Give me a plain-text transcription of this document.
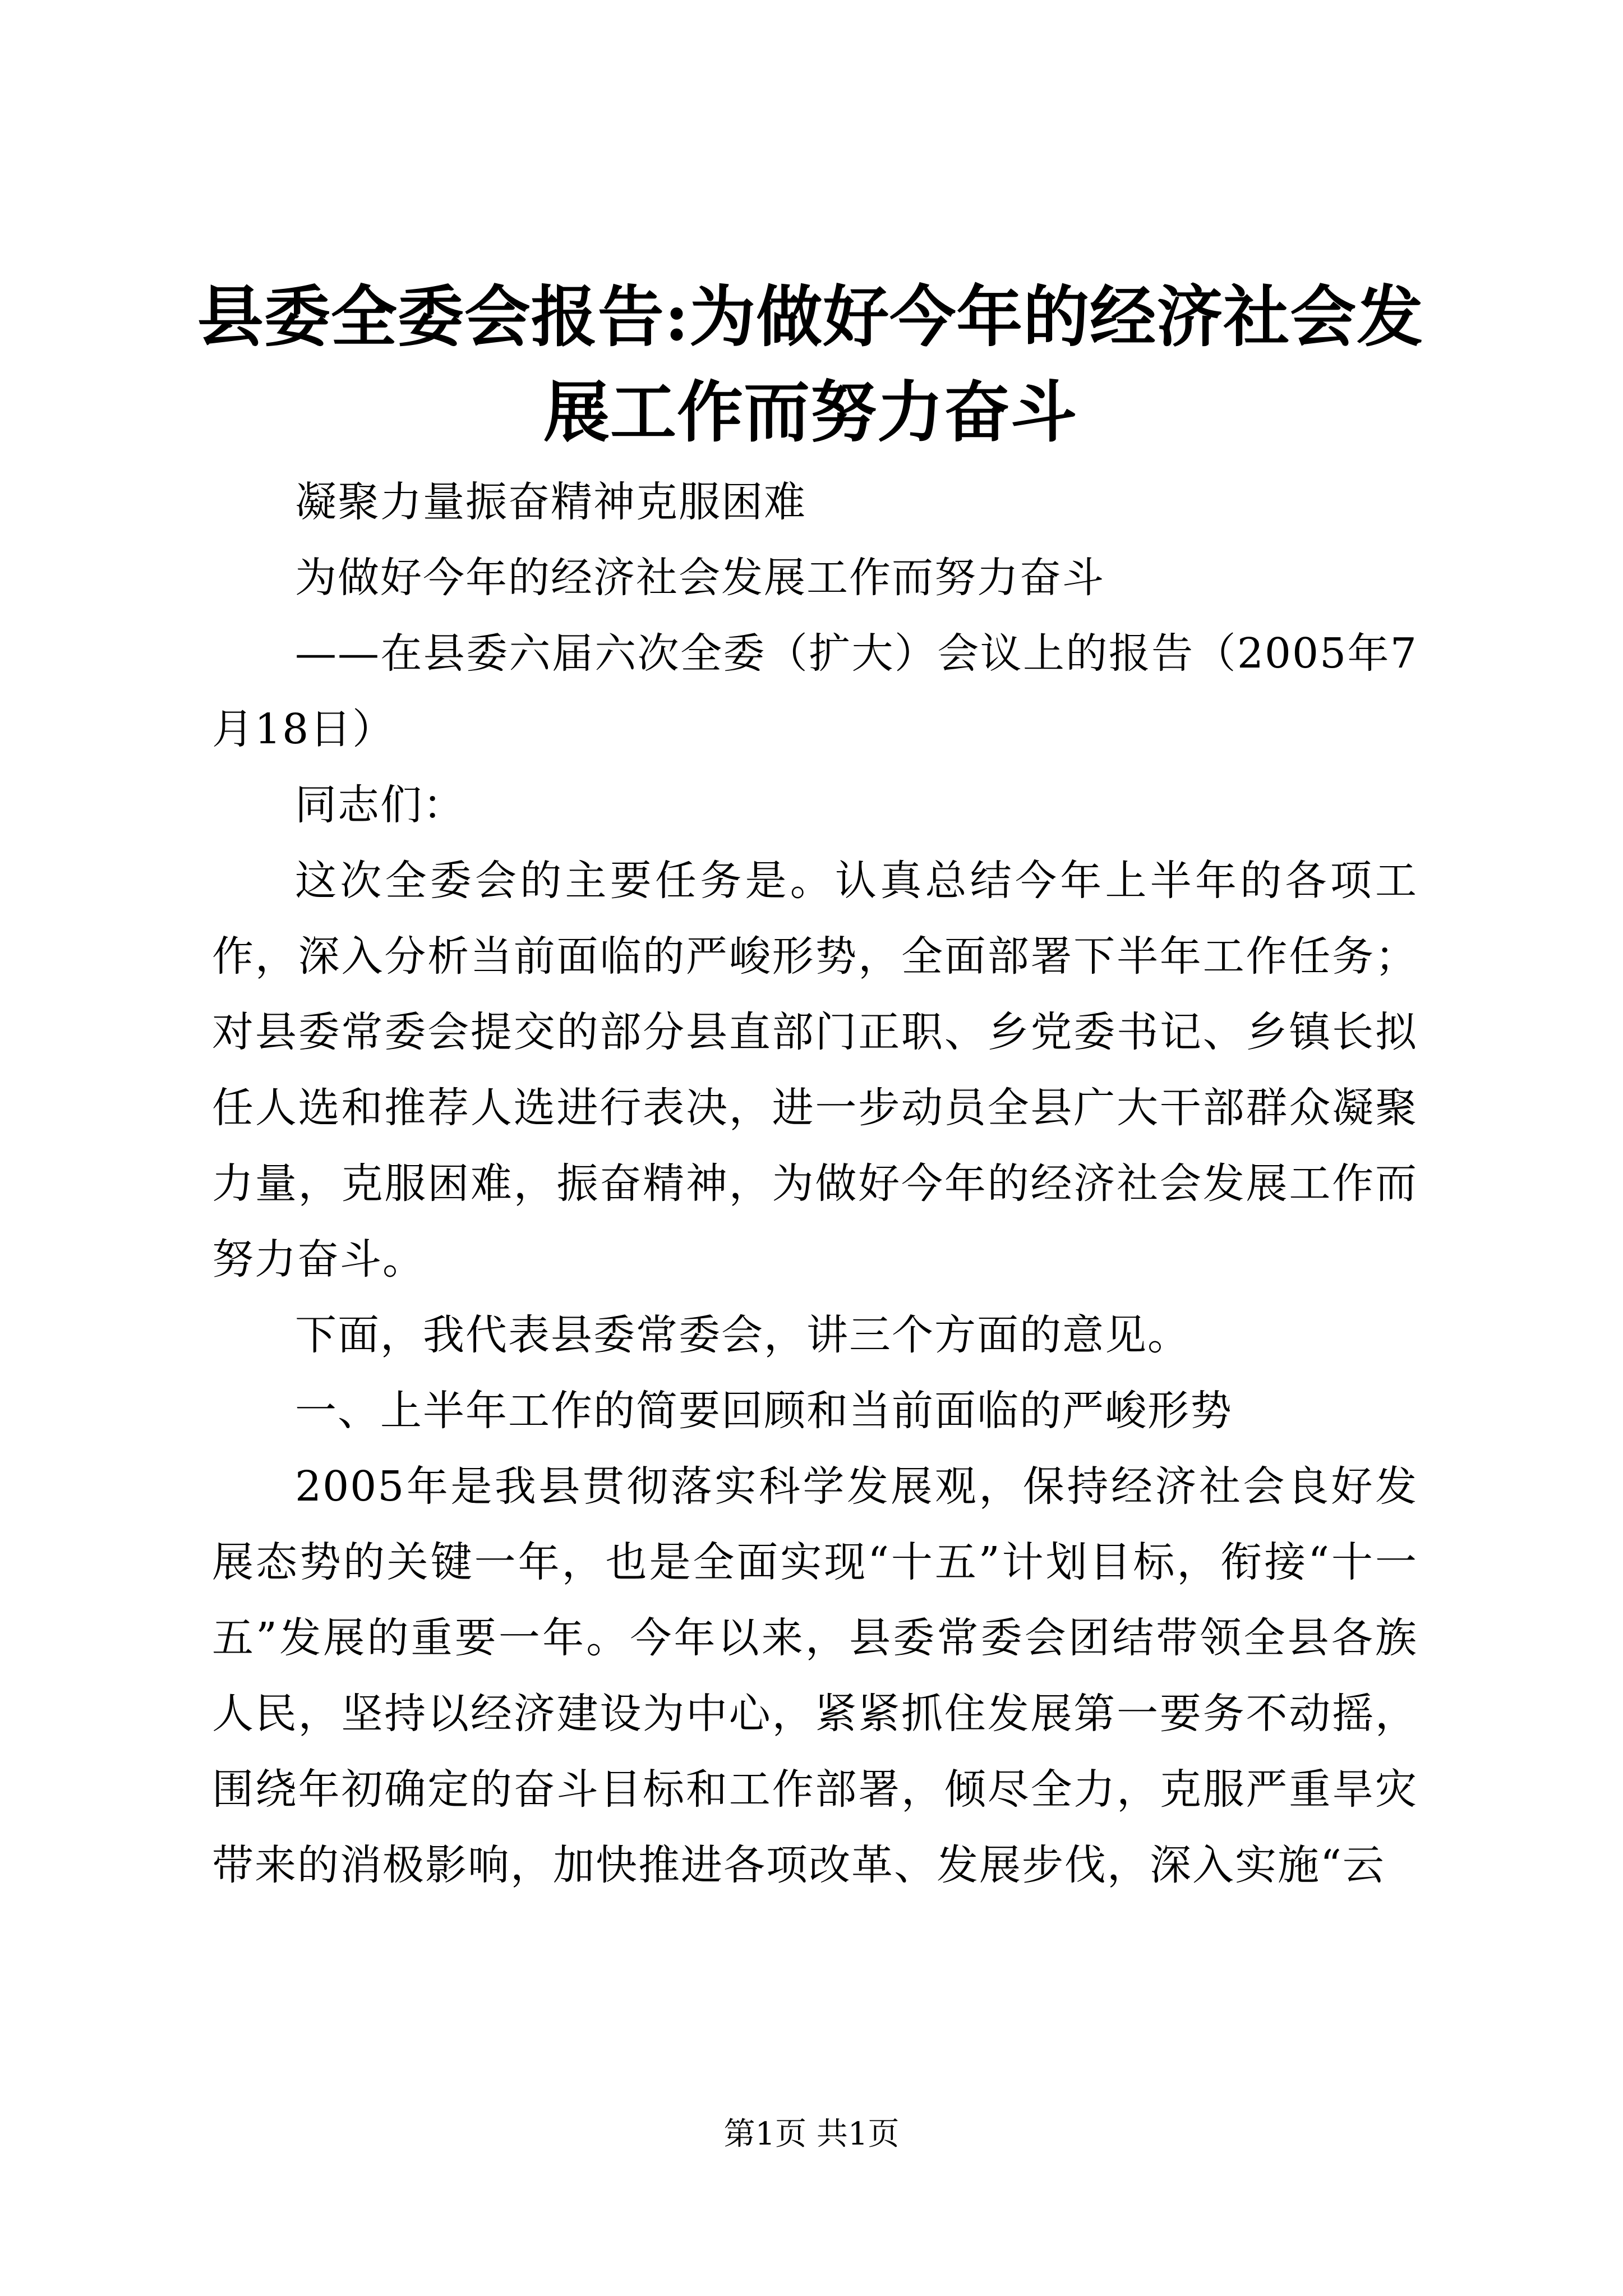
县委全委会报告:为做好今年的经济社会发展工作而努力奋斗

凝聚力量振奋精神克服困难

为做好今年的经济社会发展工作而努力奋斗

——在县委六届六次全委（扩大）会议上的报告（2005年7月18日）

同志们：

这次全委会的主要任务是。认真总结今年上半年的各项工作，深入分析当前面临的严峻形势，全面部署下半年工作任务；对县委常委会提交的部分县直部门正职、乡党委书记、乡镇长拟任人选和推荐人选进行表决，进一步动员全县广大干部群众凝聚力量，克服困难，振奋精神，为做好今年的经济社会发展工作而努力奋斗。

下面，我代表县委常委会，讲三个方面的意见。

一、上半年工作的简要回顾和当前面临的严峻形势

2005年是我县贯彻落实科学发展观，保持经济社会良好发展态势的关键一年，也是全面实现“十五”计划目标，衔接“十一五”发展的重要一年。今年以来，县委常委会团结带领全县各族人民，坚持以经济建设为中心，紧紧抓住发展第一要务不动摇，围绕年初确定的奋斗目标和工作部署，倾尽全力，克服严重旱灾带来的消极影响，加快推进各项改革、发展步伐，深入实施“云

第1页 共1页
